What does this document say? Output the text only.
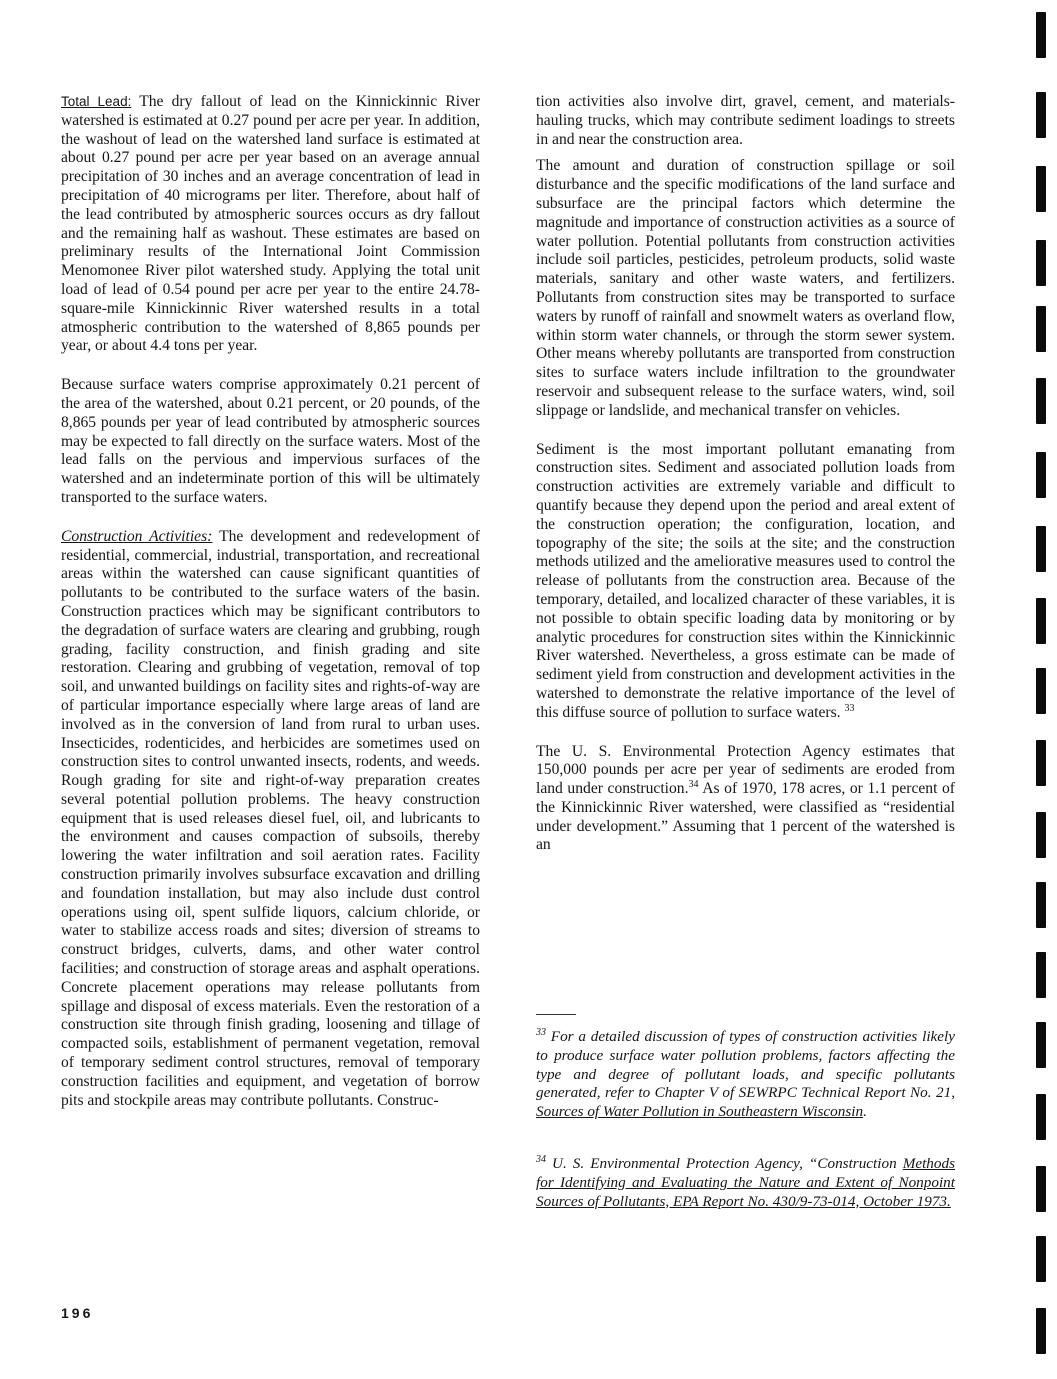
Total Lead: The dry fallout of lead on the Kinnickinnic River watershed is estimated at 0.27 pound per acre per year. In addition, the washout of lead on the watershed land surface is estimated at about 0.27 pound per acre per year based on an average annual precipitation of 30 inches and an average concentration of lead in precipitation of 40 micrograms per liter. Therefore, about half of the lead contributed by atmospheric sources occurs as dry fallout and the remaining half as washout. These estimates are based on preliminary results of the International Joint Commission Menomonee River pilot watershed study. Applying the total unit load of lead of 0.54 pound per acre per year to the entire 24.78-square-mile Kinnickinnic River watershed results in a total atmospheric contribution to the watershed of 8,865 pounds per year, or about 4.4 tons per year.

Because surface waters comprise approximately 0.21 percent of the area of the watershed, about 0.21 percent, or 20 pounds, of the 8,865 pounds per year of lead contributed by atmospheric sources may be expected to fall directly on the surface waters. Most of the lead falls on the pervious and impervious surfaces of the watershed and an indeterminate portion of this will be ultimately transported to the surface waters.

Construction Activities: The development and redevelopment of residential, commercial, industrial, transportation, and recreational areas within the watershed can cause significant quantities of pollutants to be contributed to the surface waters of the basin. Construction practices which may be significant contributors to the degradation of surface waters are clearing and grubbing, rough grading, facility construction, and finish grading and site restoration. Clearing and grubbing of vegetation, removal of top soil, and unwanted buildings on facility sites and rights-of-way are of particular importance especially where large areas of land are involved as in the conversion of land from rural to urban uses. Insecticides, rodenticides, and herbicides are sometimes used on construction sites to control unwanted insects, rodents, and weeds. Rough grading for site and right-of-way preparation creates several potential pollution problems. The heavy construction equipment that is used releases diesel fuel, oil, and lubricants to the environment and causes compaction of subsoils, thereby lowering the water infiltration and soil aeration rates. Facility construction primarily involves subsurface excavation and drilling and foundation installation, but may also include dust control operations using oil, spent sulfide liquors, calcium chloride, or water to stabilize access roads and sites; diversion of streams to construct bridges, culverts, dams, and other water control facilities; and construction of storage areas and asphalt operations. Concrete placement operations may release pollutants from spillage and disposal of excess materials. Even the restoration of a construction site through finish grading, loosening and tillage of compacted soils, establishment of permanent vegetation, removal of temporary sediment control structures, removal of temporary construction facilities and equipment, and vegetation of borrow pits and stockpile areas may contribute pollutants. Construc-

tion activities also involve dirt, gravel, cement, and materials-hauling trucks, which may contribute sediment loadings to streets in and near the construction area.

The amount and duration of construction spillage or soil disturbance and the specific modifications of the land surface and subsurface are the principal factors which determine the magnitude and importance of construction activities as a source of water pollution. Potential pollutants from construction activities include soil particles, pesticides, petroleum products, solid waste materials, sanitary and other waste waters, and fertilizers. Pollutants from construction sites may be transported to surface waters by runoff of rainfall and snowmelt waters as overland flow, within storm water channels, or through the storm sewer system. Other means whereby pollutants are transported from construction sites to surface waters include infiltration to the groundwater reservoir and subsequent release to the surface waters, wind, soil slippage or landslide, and mechanical transfer on vehicles.

Sediment is the most important pollutant emanating from construction sites. Sediment and associated pollution loads from construction activities are extremely variable and difficult to quantify because they depend upon the period and areal extent of the construction operation; the configuration, location, and topography of the site; the soils at the site; and the construction methods utilized and the ameliorative measures used to control the release of pollutants from the construction area. Because of the temporary, detailed, and localized character of these variables, it is not possible to obtain specific loading data by monitoring or by analytic procedures for construction sites within the Kinnickinnic River watershed. Nevertheless, a gross estimate can be made of sediment yield from construction and development activities in the watershed to demonstrate the relative importance of the level of this diffuse source of pollution to surface waters. $^{33}$

The U. S. Environmental Protection Agency estimates that 150,000 pounds per acre per year of sediments are eroded from land under construction.$^{34}$ As of 1970, 178 acres, or 1.1 percent of the Kinnickinnic River watershed, were classified as “residential under development.” Assuming that 1 percent of the watershed is an

$^{33}$ For a detailed discussion of types of construction activities likely to produce surface water pollution problems, factors affecting the type and degree of pollutant loads, and specific pollutants generated, refer to Chapter V of SEWRPC Technical Report No. 21, Sources of Water Pollution in Southeastern Wisconsin.

$^{34}$ U. S. Environmental Protection Agency, “Construction Methods for Identifying and Evaluating the Nature and Extent of Nonpoint Sources of Pollutants, EPA Report No. 430/9-73-014, October 1973.

196
